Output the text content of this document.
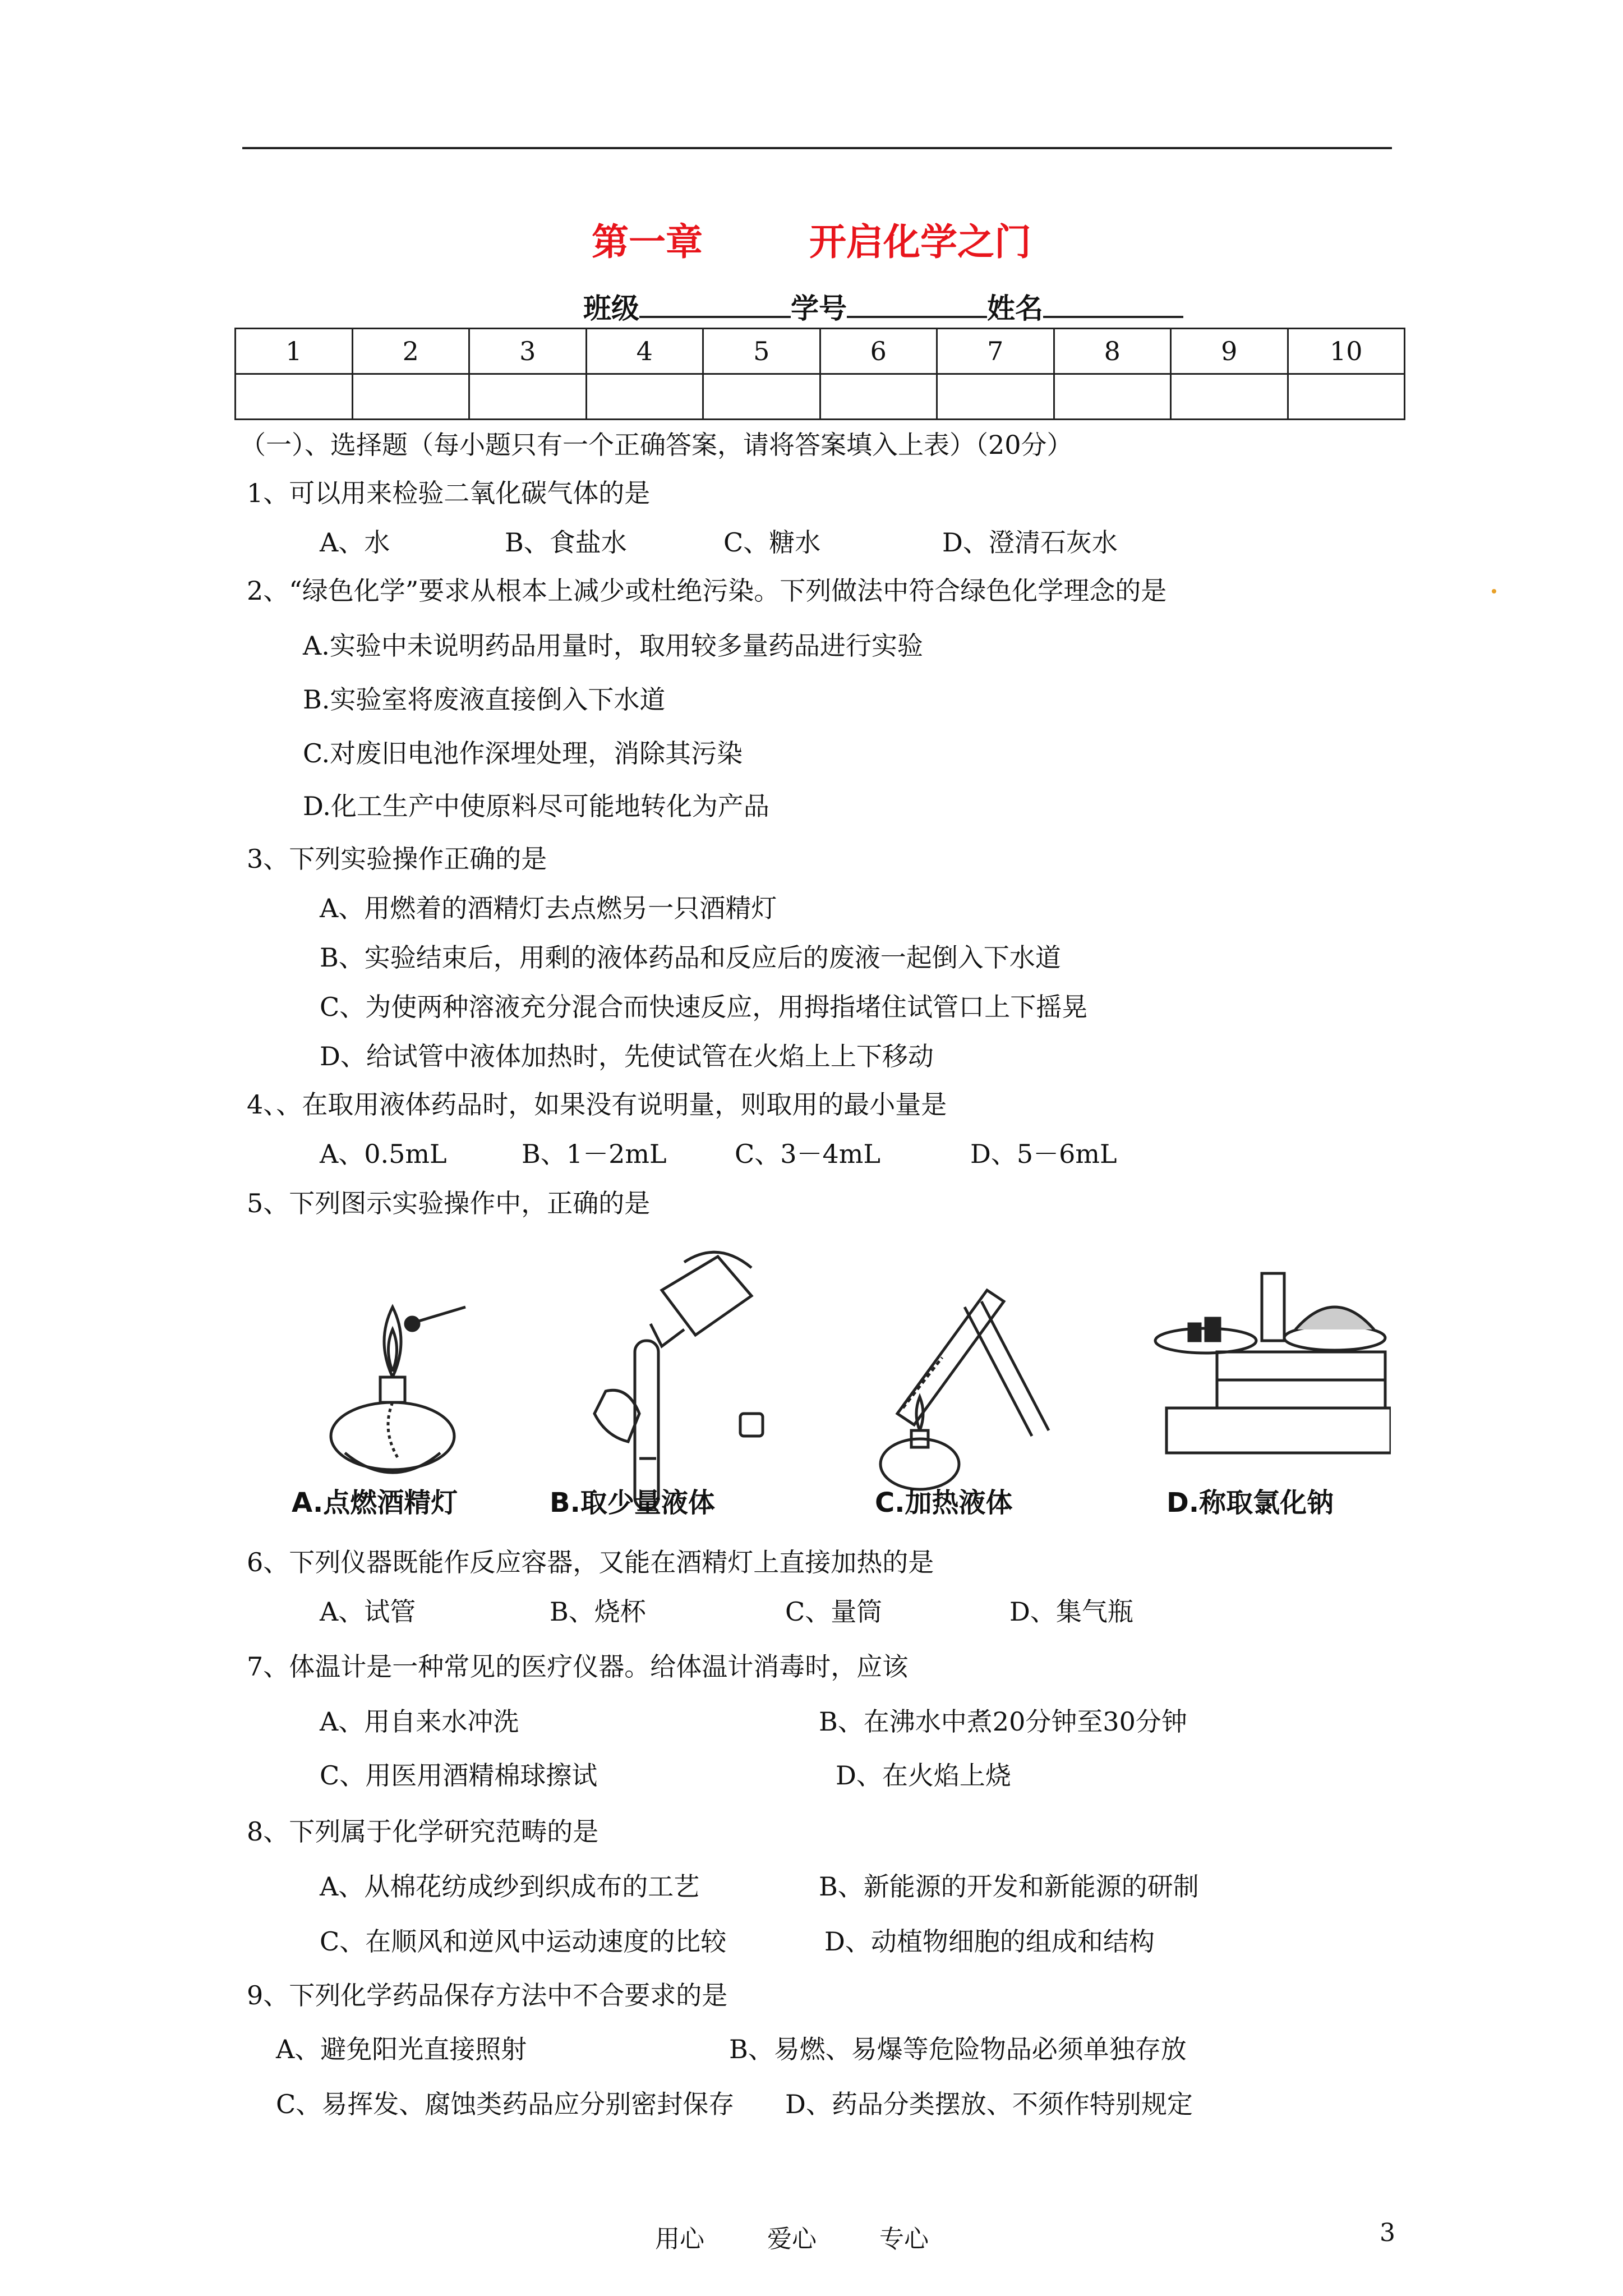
第一章	开启化学之门
班级	学号	姓名
1	2	3	4	5	6	7	8	9	10

（一）、选择题（每小题只有一个正确答案，请将答案填入上表）（20分）
1、可以用来检验二氧化碳气体的是
A、水	B、食盐水	C、糖水	D、澄清石灰水
2、“绿色化学”要求从根本上减少或杜绝污染。下列做法中符合绿色化学理念的是
A.实验中未说明药品用量时，取用较多量药品进行实验
B.实验室将废液直接倒入下水道
C.对废旧电池作深埋处理，消除其污染
D.化工生产中使原料尽可能地转化为产品
3、下列实验操作正确的是
A、用燃着的酒精灯去点燃另一只酒精灯
B、实验结束后，用剩的液体药品和反应后的废液一起倒入下水道
C、为使两种溶液充分混合而快速反应，用拇指堵住试管口上下摇晃
D、给试管中液体加热时，先使试管在火焰上上下移动
4、、在取用液体药品时，如果没有说明量，则取用的最小量是
A、0.5mL	B、1－2mL	C、3－4mL	D、5－6mL
5、下列图示实验操作中，正确的是
A.点燃酒精灯	B.取少量液体	C.加热液体	D.称取氯化钠
6、下列仪器既能作反应容器，又能在酒精灯上直接加热的是
A、试管	B、烧杯	C、量筒	D、集气瓶
7、体温计是一种常见的医疗仪器。给体温计消毒时，应该
A、用自来水冲洗	B、在沸水中煮20分钟至30分钟
C、用医用酒精棉球擦试	D、在火焰上烧
8、下列属于化学研究范畴的是
A、从棉花纺成纱到织成布的工艺	B、新能源的开发和新能源的研制
C、在顺风和逆风中运动速度的比较	D、动植物细胞的组成和结构
9、下列化学药品保存方法中不合要求的是
A、避免阳光直接照射	B、易燃、易爆等危险物品必须单独存放
C、易挥发、腐蚀类药品应分别密封保存 D、药品分类摆放、不须作特别规定
用心	爱心	专心	3
